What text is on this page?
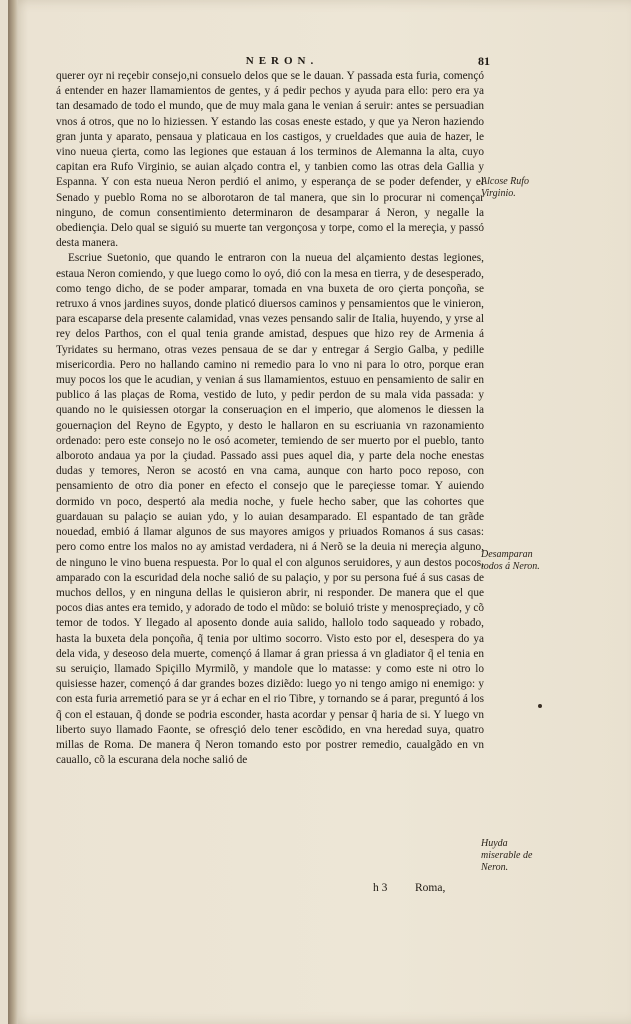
NERON.	81

querer oyr ni reçebir consejo,ni consuelo delos que se le dauan. Y passada esta furia, començó á entender en hazer llamamientos de gentes, y á pedir pechos y ayuda para ello: pero era ya tan desamado de todo el mundo, que de muy mala gana le venian á seruir: antes se persuadian vnos á otros, que no lo hiziessen. Y estando las cosas eneste estado, y que ya Neron haziendo gran junta y aparato, pensaua y platicaua en los castigos, y crueldades que auia de hazer, le vino nueua çierta, como las legiones que estauan á los terminos de Alemanna la alta, cuyo capitan era Rufo Virginio, se auian alçado contra el, y tanbien como las otras dela Gallia y Espanna. Y con esta nueua Neron perdió el animo, y esperança de se poder defender, y el Senado y pueblo Roma no se alborotaron de tal manera, que sin lo procurar ni començar ninguno, de comun consentimiento determinaron de desamparar á Neron, y negalle la obediençia. Delo qual se siguió su muerte tan vergonçosa y torpe, como el la mereçia, y passó desta manera.

Escriue Suetonio, que quando le entraron con la nueua del alçamiento destas legiones, estaua Neron comiendo, y que luego como lo oyó, dió con la mesa en tierra, y de desesperado, como tengo dicho, de se poder amparar, tomada en vna buxeta de oro çierta ponçoña, se retruxo á vnos jardines suyos, donde platicó diuersos caminos y pensamientos que le vinieron, para escaparse dela presente calamidad, vnas vezes pensando salir de Italia, huyendo, y yrse al rey delos Parthos, con el qual tenia grande amistad, despues que hizo rey de Armenia á Tyridates su hermano, otras vezes pensaua de se dar y entregar á Sergio Galba, y pedille misericordia. Pero no hallando camino ni remedio para lo vno ni para lo otro, porque eran muy pocos los que le acudian, y venian á sus llamamientos, estuuo en pensamiento de salir en publico á las plaças de Roma, vestido de luto, y pedir perdon de su mala vida passada: y quando no le quisiessen otorgar la conseruaçion en el imperio, que alomenos le diessen la gouernaçion del Reyno de Egypto, y desto le hallaron en su escriuania vn razonamiento ordenado: pero este consejo no le osó acometer, temiendo de ser muerto por el pueblo, tanto alboroto andaua ya por la çiudad. Passado assi pues aquel dia, y parte dela noche enestas dudas y temores, Neron se acostó en vna cama, aunque con harto poco reposo, con pensamiento de otro dia poner en efecto el consejo que le pareçiesse tomar. Y auiendo dormido vn poco, despertó ala media noche, y fuele hecho saber, que las cohortes que guardauan su palaçio se auian ydo, y lo auian desamparado. El espantado de tan grãde nouedad, embió á llamar algunos de sus mayores amigos y priuados Romanos á sus casas: pero como entre los malos no ay amistad verdadera, ni á Nerõ se la deuia ni mereçia alguno, de ninguno le vino buena respuesta. Por lo qual el con algunos seruidores, y aun destos pocos, amparado con la escuridad dela noche salió de su palaçio, y por su persona fué á sus casas de muchos dellos, y en ninguna dellas le quisieron abrir, ni responder. De manera que el que pocos dias antes era temido, y adorado de todo el mũdo: se boluió triste y menospreçiado, y cõ temor de todos. Y llegado al aposento donde auia salido, hallolo todo saqueado y robado, hasta la buxeta dela ponçoña, q̃ tenia por ultimo socorro. Visto esto por el, desespera do ya dela vida, y deseoso dela muerte, començó á llamar á gran priessa á vn gladiator q̃ el tenia en su seruiçio, llamado Spiçillo Myrmilõ, y mandole que lo matasse: y como este ni otro lo quisiesse hazer, començó á dar grandes bozes diziẽdo: luego yo ni tengo amigo ni enemigo: y con esta furia arremetió para se yr á echar en el rio Tibre, y tornando se á parar, preguntó á los q̃ con el estauan, q̃ donde se podria esconder, hasta acordar y pensar q̃ haria de si. Y luego vn liberto suyo llamado Faonte, se ofresçió delo tener escõdido, en vna heredad suya, quatro millas de Roma. De manera q̃ Neron tomando esto por postrer remedio, caualgãdo en vn cauallo, cõ la escurana dela noche salió de

Alcose Rufo Virginio.
Desamparan todos á Neron.
Huyda miserable de Neron.
h 3 Roma,
